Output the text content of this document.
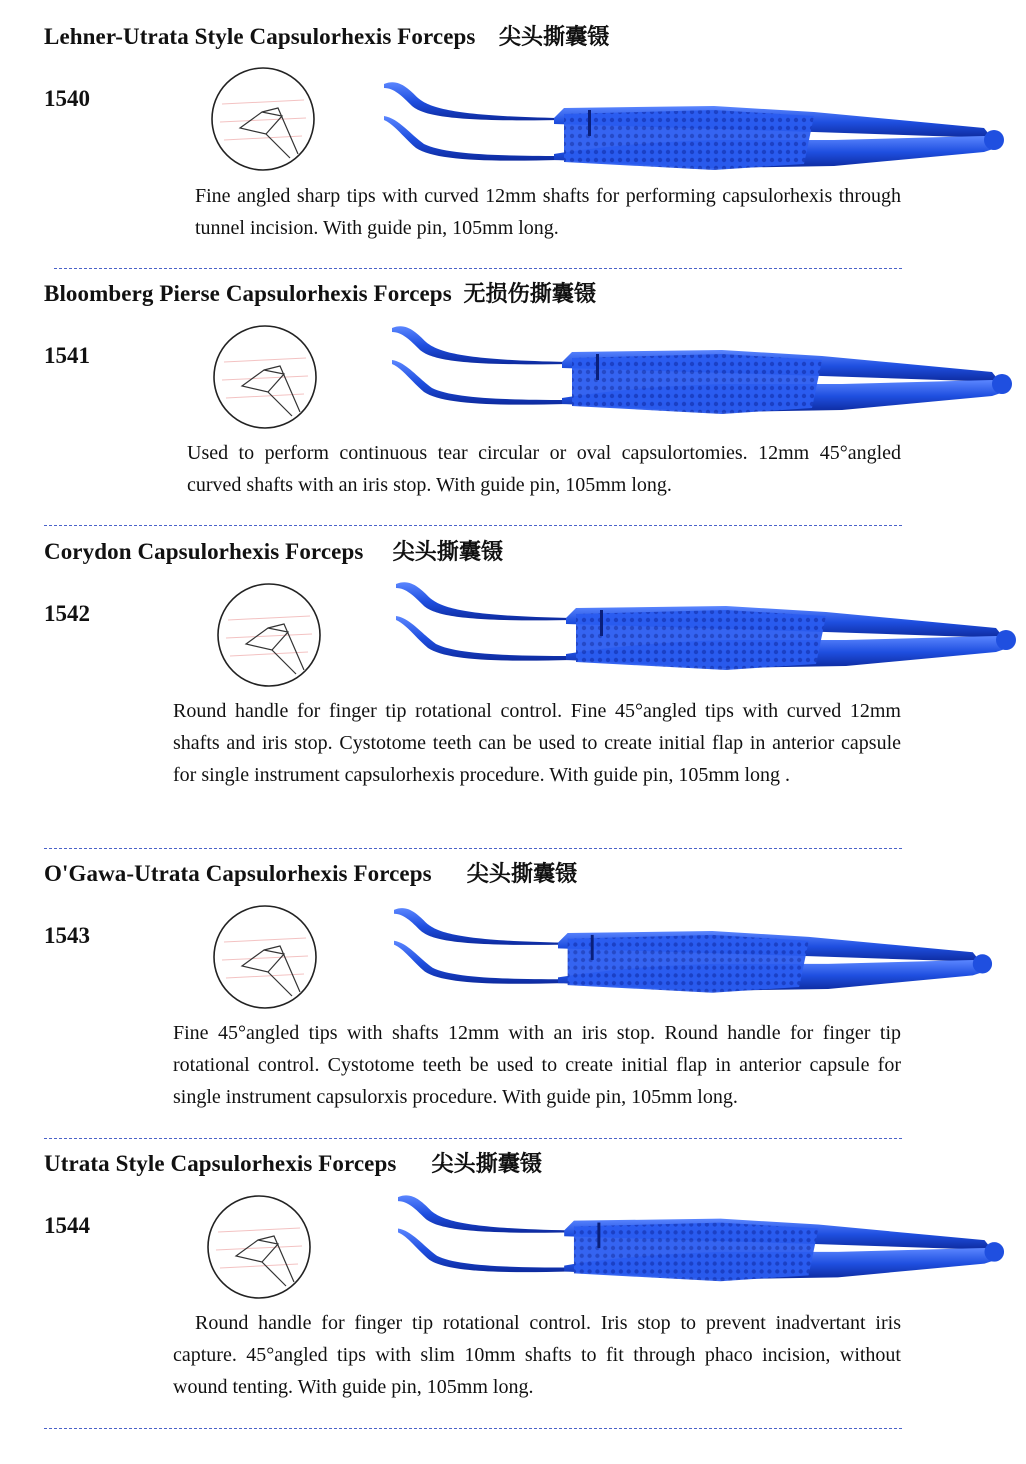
Lehner-Utrata Style Capsulorhexis Forceps 尖头撕囊镊
1540
Fine angled sharp tips with curved 12mm shafts for performing capsulorhexis through tunnel incision. With guide pin, 105mm long.
Bloomberg Pierse Capsulorhexis Forceps 无损伤撕囊镊
1541
Used to perform continuous tear circular or oval capsulortomies. 12mm 45°angled curved shafts with an iris stop. With guide pin, 105mm long.
Corydon Capsulorhexis Forceps 尖头撕囊镊
1542
Round handle for finger tip rotational control. Fine 45°angled tips with curved 12mm shafts and iris stop. Cystotome teeth can be used to create initial flap in anterior capsule for single instrument capsulorhexis procedure. With guide pin, 105mm long .
O'Gawa-Utrata Capsulorhexis Forceps 尖头撕囊镊
1543
Fine 45°angled tips with shafts 12mm with an iris stop. Round handle for finger tip rotational control. Cystotome teeth be used to create initial flap in anterior capsule for single instrument capsulorxis procedure. With guide pin, 105mm long.
Utrata Style Capsulorhexis Forceps 尖头撕囊镊
1544
Round handle for finger tip rotational control. Iris stop to prevent inadvertant iris capture. 45°angled tips with slim 10mm shafts to fit through phaco incision, without wound tenting. With guide pin, 105mm long.
